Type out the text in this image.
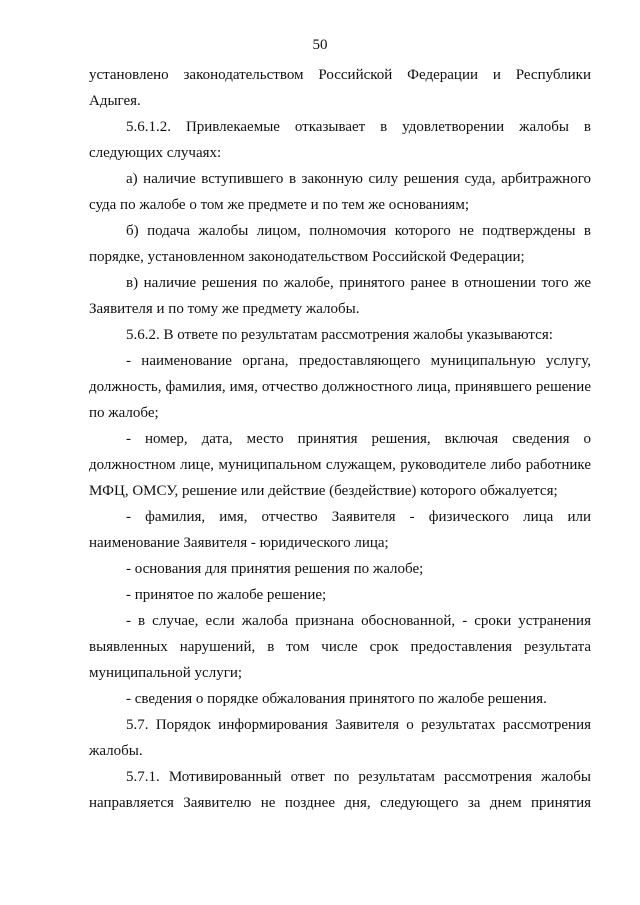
50

установлено законодательством Российской Федерации и Республики Адыгея.

5.6.1.2. Привлекаемые отказывает в удовлетворении жалобы в следующих случаях:

а) наличие вступившего в законную силу решения суда, арбитражного суда по жалобе о том же предмете и по тем же основаниям;

б) подача жалобы лицом, полномочия которого не подтверждены в порядке, установленном законодательством Российской Федерации;

в) наличие решения по жалобе, принятого ранее в отношении того же Заявителя и по тому же предмету жалобы.

5.6.2. В ответе по результатам рассмотрения жалобы указываются:

- наименование органа, предоставляющего муниципальную услугу, должность, фамилия, имя, отчество должностного лица, принявшего решение по жалобе;

- номер, дата, место принятия решения, включая сведения о должностном лице, муниципальном служащем, руководителе либо работнике МФЦ, ОМСУ, решение или действие (бездействие) которого обжалуется;

- фамилия, имя, отчество Заявителя - физического лица или наименование Заявителя - юридического лица;

- основания для принятия решения по жалобе;

- принятое по жалобе решение;

- в случае, если жалоба признана обоснованной, - сроки устранения выявленных нарушений, в том числе срок предоставления результата муниципальной услуги;

- сведения о порядке обжалования принятого по жалобе решения.

5.7. Порядок информирования Заявителя о результатах рассмотрения жалобы.

5.7.1. Мотивированный ответ по результатам рассмотрения жалобы направляется Заявителю не позднее дня, следующего за днем принятия
